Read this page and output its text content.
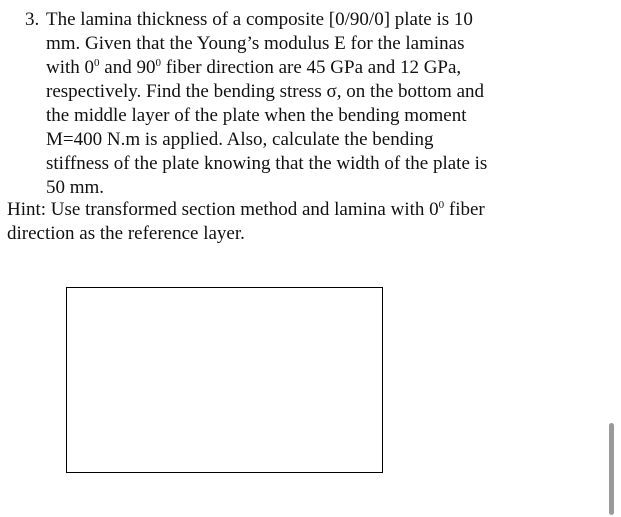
3. The lamina thickness of a composite [0/90/0] plate is 10
mm. Given that the Young’s modulus E for the laminas
with $0^0$ and $90^0$ fiber direction are 45 GPa and 12 GPa,
respectively. Find the bending stress σ, on the bottom and
the middle layer of the plate when the bending moment
M=400 N.m is applied. Also, calculate the bending
stiffness of the plate knowing that the width of the plate is
50 mm.
Hint: Use transformed section method and lamina with $0^0$ fiber
direction as the reference layer.
